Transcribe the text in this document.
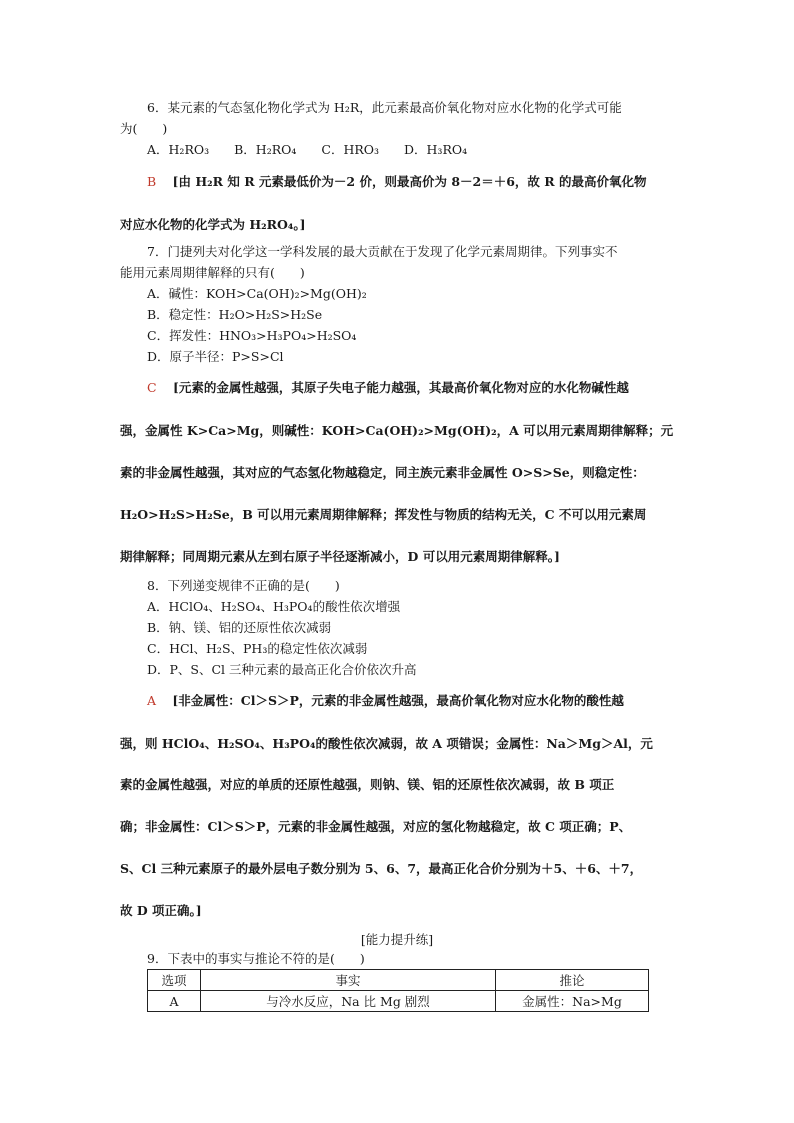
6．某元素的气态氢化物化学式为 H₂R，此元素最高价氧化物对应水化物的化学式可能
为(　　)
A．H₂RO₃　　B．H₂RO₄　　C．HRO₃　　D．H₃RO₄
B [由 H₂R 知 R 元素最低价为－2 价，则最高价为 8－2＝＋6，故 R 的最高价氧化物
对应水化物的化学式为 H₂RO₄。]
7．门捷列夫对化学这一学科发展的最大贡献在于发现了化学元素周期律。下列事实不
能用元素周期律解释的只有(　　)
A．碱性：KOH>Ca(OH)₂>Mg(OH)₂
B．稳定性：H₂O>H₂S>H₂Se
C．挥发性：HNO₃>H₃PO₄>H₂SO₄
D．原子半径：P>S>Cl
C [元素的金属性越强，其原子失电子能力越强，其最高价氧化物对应的水化物碱性越
强，金属性 K>Ca>Mg，则碱性：KOH>Ca(OH)₂>Mg(OH)₂，A 可以用元素周期律解释；元
素的非金属性越强，其对应的气态氢化物越稳定，同主族元素非金属性 O>S>Se，则稳定性：
H₂O>H₂S>H₂Se，B 可以用元素周期律解释；挥发性与物质的结构无关，C 不可以用元素周
期律解释；同周期元素从左到右原子半径逐渐减小，D 可以用元素周期律解释。]
8．下列递变规律不正确的是(　　)
A．HClO₄、H₂SO₄、H₃PO₄的酸性依次增强
B．钠、镁、铝的还原性依次减弱
C．HCl、H₂S、PH₃的稳定性依次减弱
D．P、S、Cl 三种元素的最高正化合价依次升高
A [非金属性：Cl＞S＞P，元素的非金属性越强，最高价氧化物对应水化物的酸性越
强，则 HClO₄、H₂SO₄、H₃PO₄的酸性依次减弱，故 A 项错误；金属性：Na＞Mg＞Al，元
素的金属性越强，对应的单质的还原性越强，则钠、镁、铝的还原性依次减弱，故 B 项正
确；非金属性：Cl＞S＞P，元素的非金属性越强，对应的氢化物越稳定，故 C 项正确；P、
S、Cl 三种元素原子的最外层电子数分别为 5、6、7，最高正化合价分别为＋5、＋6、＋7，
故 D 项正确。]
[能力提升练]
9．下表中的事实与推论不符的是(　　)
选项	事实	推论
A	与冷水反应，Na 比 Mg 剧烈	金属性：Na>Mg
